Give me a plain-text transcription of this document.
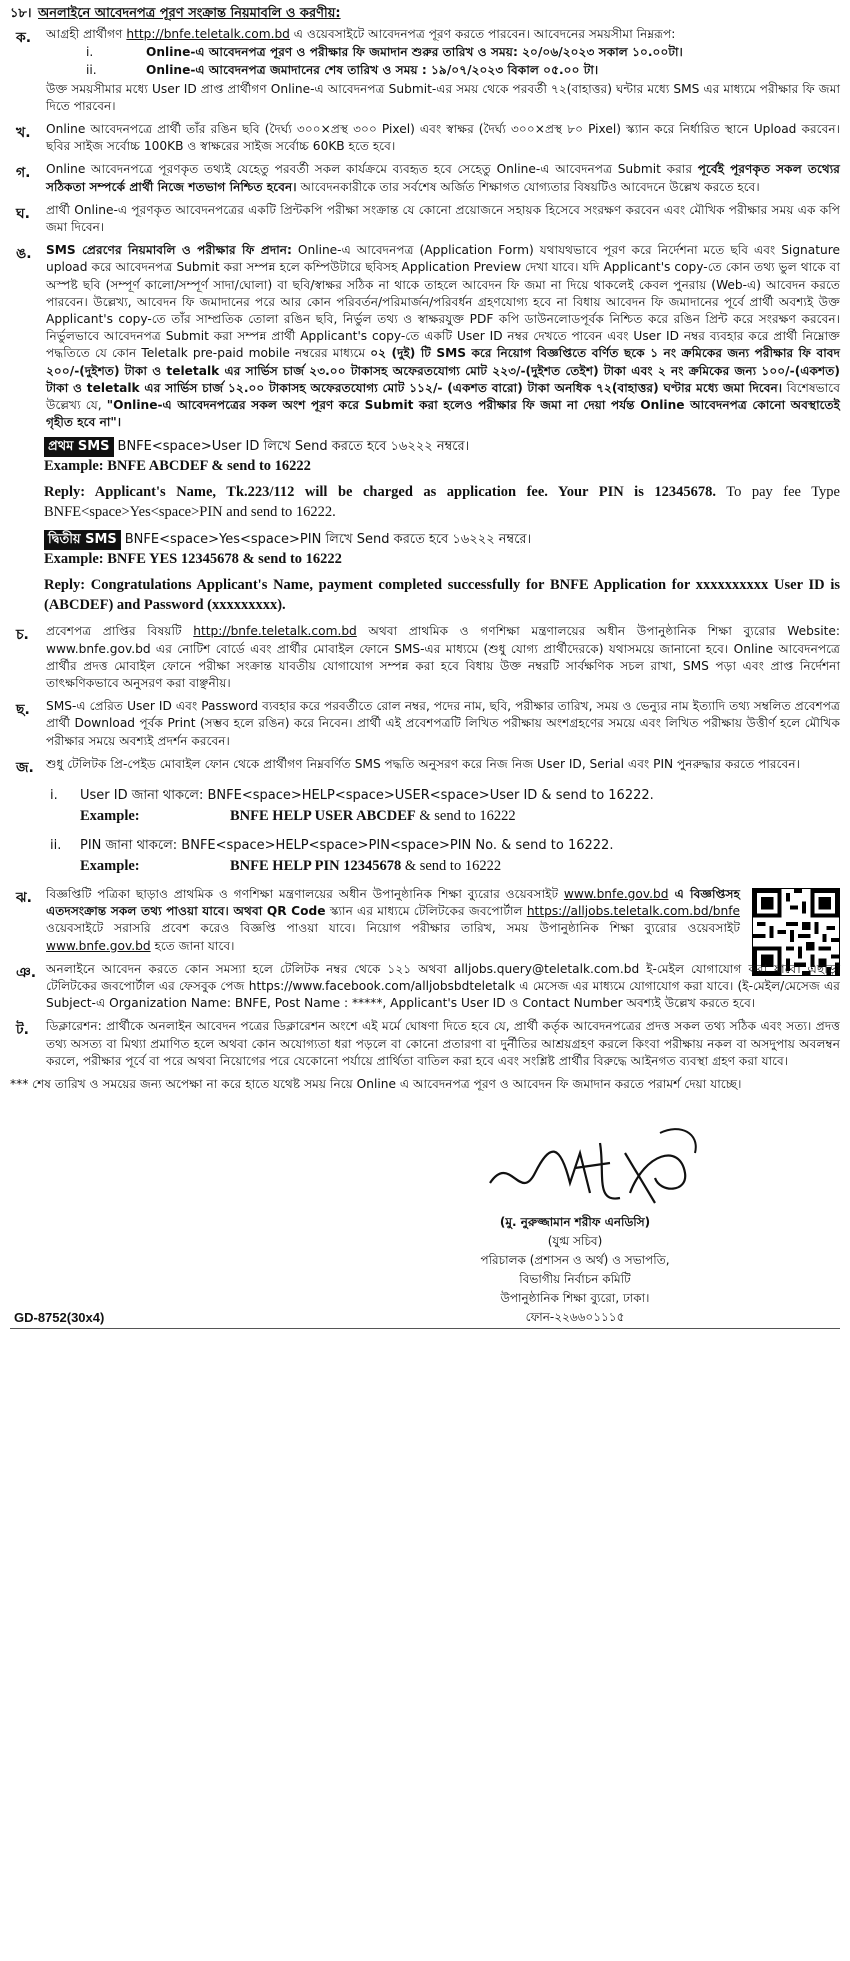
১৮। অনলাইনে আবেদনপত্র পূরণ সংক্রান্ত নিয়মাবলি ও করণীয়:
ক.	আগ্রহী প্রার্থীগণ http://bnfe.teletalk.com.bd এ ওয়েবসাইটে আবেদনপত্র পূরণ করতে পারবেন। আবেদনের সময়সীমা নিম্নরূপ:
i.	Online-এ আবেদনপত্র পূরণ ও পরীক্ষার ফি জমাদান শুরুর তারিখ ও সময়: ২০/০৬/২০২৩ সকাল ১০.০০টা।
ii.	Online-এ আবেদনপত্র জমাদানের শেষ তারিখ ও সময় : ১৯/০৭/২০২৩ বিকাল ০৫.০০ টা।
উক্ত সময়সীমার মধ্যে User ID প্রাপ্ত প্রার্থীগণ Online-এ আবেদনপত্র Submit-এর সময় থেকে পরবর্তী ৭২(বাহাত্তর) ঘন্টার মধ্যে SMS এর মাধ্যমে পরীক্ষার ফি জমা দিতে পারবেন।
খ.	Online আবেদনপত্রে প্রার্থী তাঁর রঙিন ছবি (দৈর্ঘ্য ৩০০×প্রস্থ ৩০০ Pixel) এবং স্বাক্ষর (দৈর্ঘ্য ৩০০×প্রস্থ ৮০ Pixel) স্ক্যান করে নির্ধারিত স্থানে Upload করবেন। ছবির সাইজ সর্বোচ্চ 100KB ও স্বাক্ষরের সাইজ সর্বোচ্চ 60KB হতে হবে।
গ.	Online আবেদনপত্রে পূরণকৃত তথ্যই যেহেতু পরবর্তী সকল কার্যক্রমে ব্যবহৃত হবে সেহেতু Online-এ আবেদনপত্র Submit করার পূর্বেই পূরণকৃত সকল তথ্যের সঠিকতা সম্পর্কে প্রার্থী নিজে শতভাগ নিশ্চিত হবেন। আবেদনকারীকে তার সর্বশেষ অর্জিত শিক্ষাগত যোগ্যতার বিষয়টিও আবেদনে উল্লেখ করতে হবে।
ঘ.	প্রার্থী Online-এ পূরণকৃত আবেদনপত্রের একটি প্রিন্টকপি পরীক্ষা সংক্রান্ত যে কোনো প্রয়োজনে সহায়ক হিসেবে সংরক্ষণ করবেন এবং মৌখিক পরীক্ষার সময় এক কপি জমা দিবেন।
ঙ.	SMS প্রেরণের নিয়মাবলি ও পরীক্ষার ফি প্রদান: Online-এ আবেদনপত্র (Application Form) যথাযথভাবে পূরণ করে নির্দেশনা মতে ছবি এবং Signature upload করে আবেদনপত্র Submit করা সম্পন্ন হলে কম্পিউটারে ছবিসহ Application Preview দেখা যাবে। যদি Applicant's copy-তে কোন তথ্য ভুল থাকে বা অস্পষ্ট ছবি (সম্পূর্ণ কালো/সম্পূর্ণ সাদা/ঘোলা) বা ছবি/স্বাক্ষর সঠিক না থাকে তাহলে আবেদন ফি জমা না দিয়ে থাকলেই কেবল পুনরায় (Web-এ) আবেদন করতে পারবেন। উল্লেখ্য, আবেদন ফি জমাদানের পরে আর কোন পরিবর্তন/পরিমার্জন/পরিবর্ধন গ্রহণযোগ্য হবে না বিধায় আবেদন ফি জমাদানের পূর্বে প্রার্থী অবশ্যই উক্ত Applicant's copy-তে তাঁর সাম্প্রতিক তোলা রঙিন ছবি, নির্ভুল তথ্য ও স্বাক্ষরযুক্ত PDF কপি ডাউনলোডপূর্বক নিশ্চিত করে রঙিন প্রিন্ট করে সংরক্ষণ করবেন। নির্ভুলভাবে আবেদনপত্র Submit করা সম্পন্ন প্রার্থী Applicant's copy-তে একটি User ID নম্বর দেখতে পাবেন এবং User ID নম্বর ব্যবহার করে প্রার্থী নিম্নোক্ত পদ্ধতিতে যে কোন Teletalk pre-paid mobile নম্বরের মাধ্যমে ০২ (দুই) টি SMS করে নিয়োগ বিজ্ঞপ্তিতে বর্ণিত ছকে ১ নং ক্রমিকের জন্য পরীক্ষার ফি বাবদ ২০০/-(দুইশত) টাকা ও teletalk এর সার্ভিস চার্জ ২৩.০০ টাকাসহ অফেরতযোগ্য মোট ২২৩/-(দুইশত তেইশ) টাকা এবং ২ নং ক্রমিকের জন্য ১০০/-(একশত) টাকা ও teletalk এর সার্ভিস চার্জ ১২.০০ টাকাসহ অফেরতযোগ্য মোট ১১২/- (একশত বারো) টাকা অনধিক ৭২(বাহাত্তর) ঘণ্টার মধ্যে জমা দিবেন। বিশেষভাবে উল্লেখ্য যে, "Online-এ আবেদনপত্রের সকল অংশ পূরণ করে Submit করা হলেও পরীক্ষার ফি জমা না দেয়া পর্যন্ত Online আবেদনপত্র কোনো অবস্থাতেই গৃহীত হবে না"।
প্রথম SMS BNFE<space>User ID লিখে Send করতে হবে ১৬২২২ নম্বরে।
Example: BNFE ABCDEF & send to 16222
Reply: Applicant's Name, Tk.223/112 will be charged as application fee. Your PIN is 12345678. To pay fee Type BNFE<space>Yes<space>PIN and send to 16222.
দ্বিতীয় SMS BNFE<space>Yes<space>PIN লিখে Send করতে হবে ১৬২২২ নম্বরে।
Example: BNFE YES 12345678 & send to 16222
Reply: Congratulations Applicant's Name, payment completed successfully for BNFE Application for xxxxxxxxxx User ID is (ABCDEF) and Password (xxxxxxxxx).
চ.	প্রবেশপত্র প্রাপ্তির বিষয়টি http://bnfe.teletalk.com.bd অথবা প্রাথমিক ও গণশিক্ষা মন্ত্রণালয়ের অধীন উপানুষ্ঠানিক শিক্ষা ব্যুরোর Website: www.bnfe.gov.bd এর নোটিশ বোর্ডে এবং প্রার্থীর মোবাইল ফোনে SMS-এর মাধ্যমে (শুধু যোগ্য প্রার্থীদেরকে) যথাসময়ে জানানো হবে। Online আবেদনপত্রে প্রার্থীর প্রদত্ত মোবাইল ফোনে পরীক্ষা সংক্রান্ত যাবতীয় যোগাযোগ সম্পন্ন করা হবে বিধায় উক্ত নম্বরটি সার্বক্ষণিক সচল রাখা, SMS পড়া এবং প্রাপ্ত নির্দেশনা তাৎক্ষণিকভাবে অনুসরণ করা বাঞ্ছনীয়।
ছ.	SMS-এ প্রেরিত User ID এবং Password ব্যবহার করে পরবর্তীতে রোল নম্বর, পদের নাম, ছবি, পরীক্ষার তারিখ, সময় ও ভেন্যুর নাম ইত্যাদি তথ্য সম্বলিত প্রবেশপত্র প্রার্থী Download পূর্বক Print (সম্ভব হলে রঙিন) করে নিবেন। প্রার্থী এই প্রবেশপত্রটি লিখিত পরীক্ষায় অংশগ্রহণের সময়ে এবং লিখিত পরীক্ষায় উত্তীর্ণ হলে মৌখিক পরীক্ষার সময়ে অবশ্যই প্রদর্শন করবেন।
জ. শুধু টেলিটক প্রি-পেইড মোবাইল ফোন থেকে প্রার্থীগণ নিম্নবর্ণিত SMS পদ্ধতি অনুসরণ করে নিজ নিজ User ID, Serial এবং PIN পুনরুদ্ধার করতে পারবেন।
i.	User ID জানা থাকলে: BNFE<space>HELP<space>USER<space>User ID & send to 16222.
Example:	BNFE HELP USER ABCDEF & send to 16222
ii.	PIN জানা থাকলে: BNFE<space>HELP<space>PIN<space>PIN No. & send to 16222.
Example:	BNFE HELP PIN 12345678 & send to 16222
ঝ.	বিজ্ঞপ্তিটি পত্রিকা ছাড়াও প্রাথমিক ও গণশিক্ষা মন্ত্রণালয়ের অধীন উপানুষ্ঠানিক শিক্ষা ব্যুরোর ওয়েবসাইট www.bnfe.gov.bd এ বিজ্ঞপ্তিসহ এতদসংক্রান্ত সকল তথ্য পাওয়া যাবে। অথবা QR Code স্ক্যান এর মাধ্যমে টেলিটকের জবপোর্টাল https://alljobs.teletalk.com.bd/bnfe ওয়েবসাইটে সরাসরি প্রবেশ করেও বিজ্ঞপ্তি পাওয়া যাবে। নিয়োগ পরীক্ষার তারিখ, সময় উপানুষ্ঠানিক শিক্ষা ব্যুরোর ওয়েবসাইট www.bnfe.gov.bd হতে জানা যাবে।
ঞ. অনলাইনে আবেদন করতে কোন সমস্যা হলে টেলিটক নম্বর থেকে ১২১ অথবা alljobs.query@teletalk.com.bd ই-মেইল যোগাযোগ করা যাবে। এছাড়া টেলিটকের জবপোর্টাল এর ফেসবুক পেজ https://www.facebook.com/alljobsbdteletalk এ মেসেজ এর মাধ্যমে যোগাযোগ করা যাবে। (ই-মেইল/মেসেজ এর Subject-এ Organization Name: BNFE, Post Name : *****, Applicant's User ID ও Contact Number অবশ্যই উল্লেখ করতে হবে।
ট.	ডিক্লারেশন: প্রার্থীকে অনলাইন আবেদন পত্রের ডিক্লারেশন অংশে এই মর্মে ঘোষণা দিতে হবে যে, প্রার্থী কর্তৃক আবেদনপত্রের প্রদত্ত সকল তথ্য সঠিক এবং সত্য। প্রদত্ত তথ্য অসত্য বা মিথ্যা প্রমাণিত হলে অথবা কোন অযোগ্যতা ধরা পড়লে বা কোনো প্রতারণা বা দুর্নীতির আশ্রয়গ্রহণ করলে কিংবা পরীক্ষায় নকল বা অসদুপায় অবলম্বন করলে, পরীক্ষার পূর্বে বা পরে অথবা নিয়োগের পরে যেকোনো পর্যায়ে প্রার্থিতা বাতিল করা হবে এবং সংশ্লিষ্ট প্রার্থীর বিরুদ্ধে আইনগত ব্যবস্থা গ্রহণ করা যাবে।
*** শেষ তারিখ ও সময়ের জন্য অপেক্ষা না করে হাতে যথেষ্ট সময় নিয়ে Online এ আবেদনপত্র পূরণ ও আবেদন ফি জমাদান করতে পরামর্শ দেয়া যাচ্ছে।
(মু. নুরুজ্জামান শরীফ এনডিসি)
(যুগ্ম সচিব)
পরিচালক (প্রশাসন ও অর্থ) ও সভাপতি,
বিভাগীয় নির্বাচন কমিটি
উপানুষ্ঠানিক শিক্ষা ব্যুরো, ঢাকা।
ফোন-২২৬৬০১১১৫
GD-8752(30x4)
